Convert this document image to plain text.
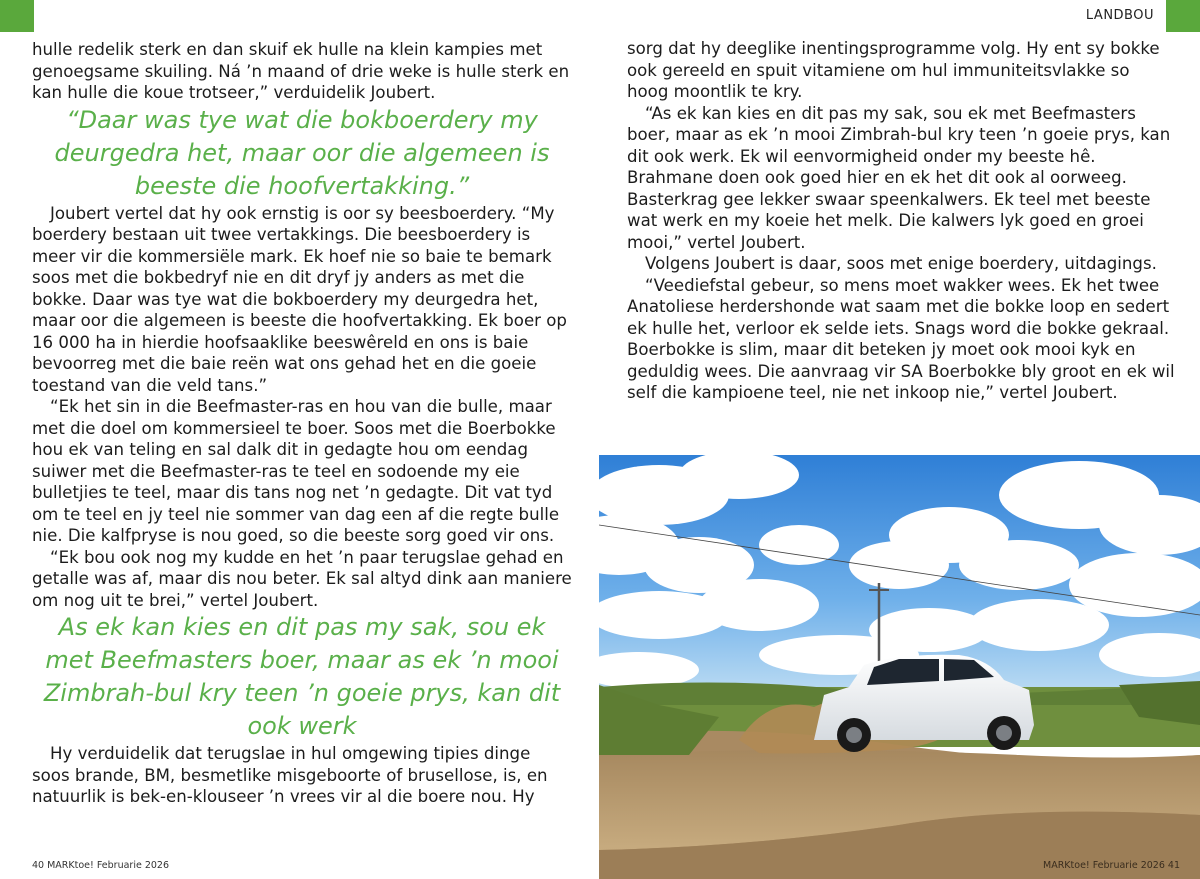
LANDBOU

hulle redelik sterk en dan skuif ek hulle na klein kampies met genoegsame skuiling. Ná ’n maand of drie weke is hulle sterk en kan hulle die koue trotseer,” verduidelik Joubert.

“Daar was tye wat die bokboerdery my deurgedra het, maar oor die algemeen is beeste die hoofvertakking.”

Joubert vertel dat hy ook ernstig is oor sy beesboerdery. “My boerdery bestaan uit twee vertakkings. Die beesboerdery is meer vir die kommersiële mark. Ek hoef nie so baie te bemark soos met die bokbedryf nie en dit dryf jy anders as met die bokke. Daar was tye wat die bokboerdery my deurgedra het, maar oor die algemeen is beeste die hoofvertakking. Ek boer op 16 000 ha in hierdie hoofsaaklike beeswêreld en ons is baie bevoorreg met die baie reën wat ons gehad het en die goeie toestand van die veld tans.”

“Ek het sin in die Beefmaster-ras en hou van die bulle, maar met die doel om kommersieel te boer. Soos met die Boerbokke hou ek van teling en sal dalk dit in gedagte hou om eendag suiwer met die Beefmaster-ras te teel en sodoende my eie bulletjies te teel, maar dis tans nog net ’n gedagte. Dit vat tyd om te teel en jy teel nie sommer van dag een af die regte bulle nie. Die kalfpryse is nou goed, so die beeste sorg goed vir ons.

“Ek bou ook nog my kudde en het ’n paar terugslae gehad en getalle was af, maar dis nou beter. Ek sal altyd dink aan maniere om nog uit te brei,” vertel Joubert.

As ek kan kies en dit pas my sak, sou ek met Beefmasters boer, maar as ek ’n mooi Zimbrah-bul kry teen ’n goeie prys, kan dit ook werk

Hy verduidelik dat terugslae in hul omgewing tipies dinge soos brande, BM, besmetlike misgeboorte of brusellose, is, en natuurlik is bek-en-klouseer ’n vrees vir al die boere nou. Hy

sorg dat hy deeglike inentingsprogramme volg. Hy ent sy bokke ook gereeld en spuit vitamiene om hul immuniteitsvlakke so hoog moontlik te kry.

“As ek kan kies en dit pas my sak, sou ek met Beefmasters boer, maar as ek ’n mooi Zimbrah-bul kry teen ’n goeie prys, kan dit ook werk. Ek wil eenvormigheid onder my beeste hê. Brahmane doen ook goed hier en ek het dit ook al oorweeg. Basterkrag gee lekker swaar speenkalwers. Ek teel met beeste wat werk en my koeie het melk. Die kalwers lyk goed en groei mooi,” vertel Joubert.

Volgens Joubert is daar, soos met enige boerdery, uitdagings.

“Veediefstal gebeur, so mens moet wakker wees. Ek het twee Anatoliese herdershonde wat saam met die bokke loop en sedert ek hulle het, verloor ek selde iets. Snags word die bokke gekraal. Boerbokke is slim, maar dit beteken jy moet ook mooi kyk en geduldig wees. Die aanvraag vir SA Boerbokke bly groot en ek wil self die kampioene teel, nie net inkoop nie,” vertel Joubert.

40 MARKtoe! Februarie 2026	MARKtoe! Februarie 2026 41
